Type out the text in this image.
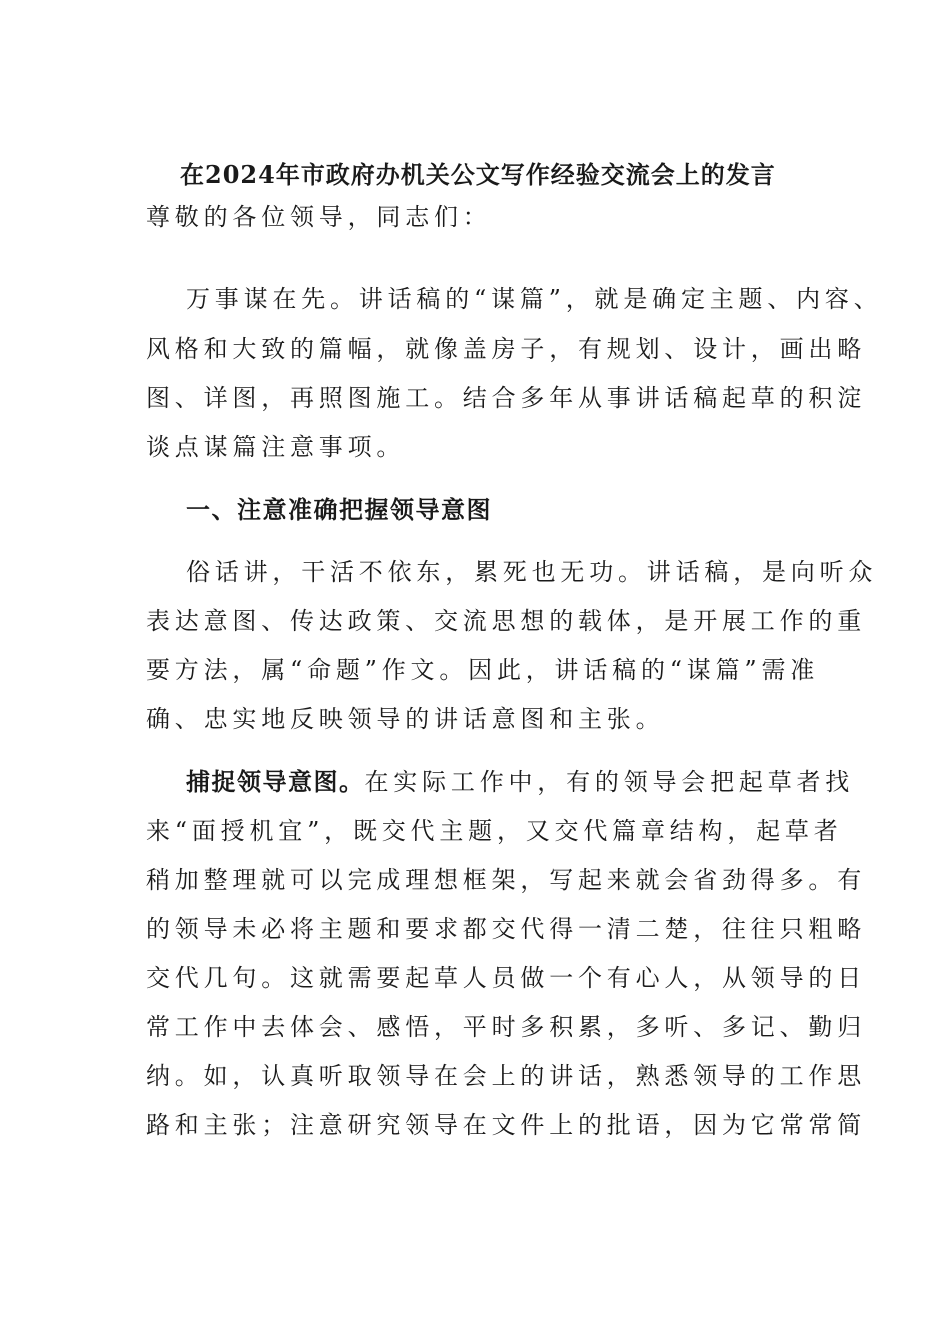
在2024年市政府办机关公文写作经验交流会上的发言
尊敬的各位领导，同志们：
万事谋在先。讲话稿的“谋篇”，就是确定主题、内容、
风格和大致的篇幅，就像盖房子，有规划、设计，画出略
图、详图，再照图施工。结合多年从事讲话稿起草的积淀
谈点谋篇注意事项。
一、注意准确把握领导意图
俗话讲，干活不依东，累死也无功。讲话稿，是向听众
表达意图、传达政策、交流思想的载体，是开展工作的重
要方法，属“命题”作文。因此，讲话稿的“谋篇”需准
确、忠实地反映领导的讲话意图和主张。
捕捉领导意图。在实际工作中，有的领导会把起草者找
来“面授机宜”，既交代主题，又交代篇章结构，起草者
稍加整理就可以完成理想框架，写起来就会省劲得多。有
的领导未必将主题和要求都交代得一清二楚，往往只粗略
交代几句。这就需要起草人员做一个有心人，从领导的日
常工作中去体会、感悟，平时多积累，多听、多记、勤归
纳。如，认真听取领导在会上的讲话，熟悉领导的工作思
路和主张；注意研究领导在文件上的批语，因为它常常简
